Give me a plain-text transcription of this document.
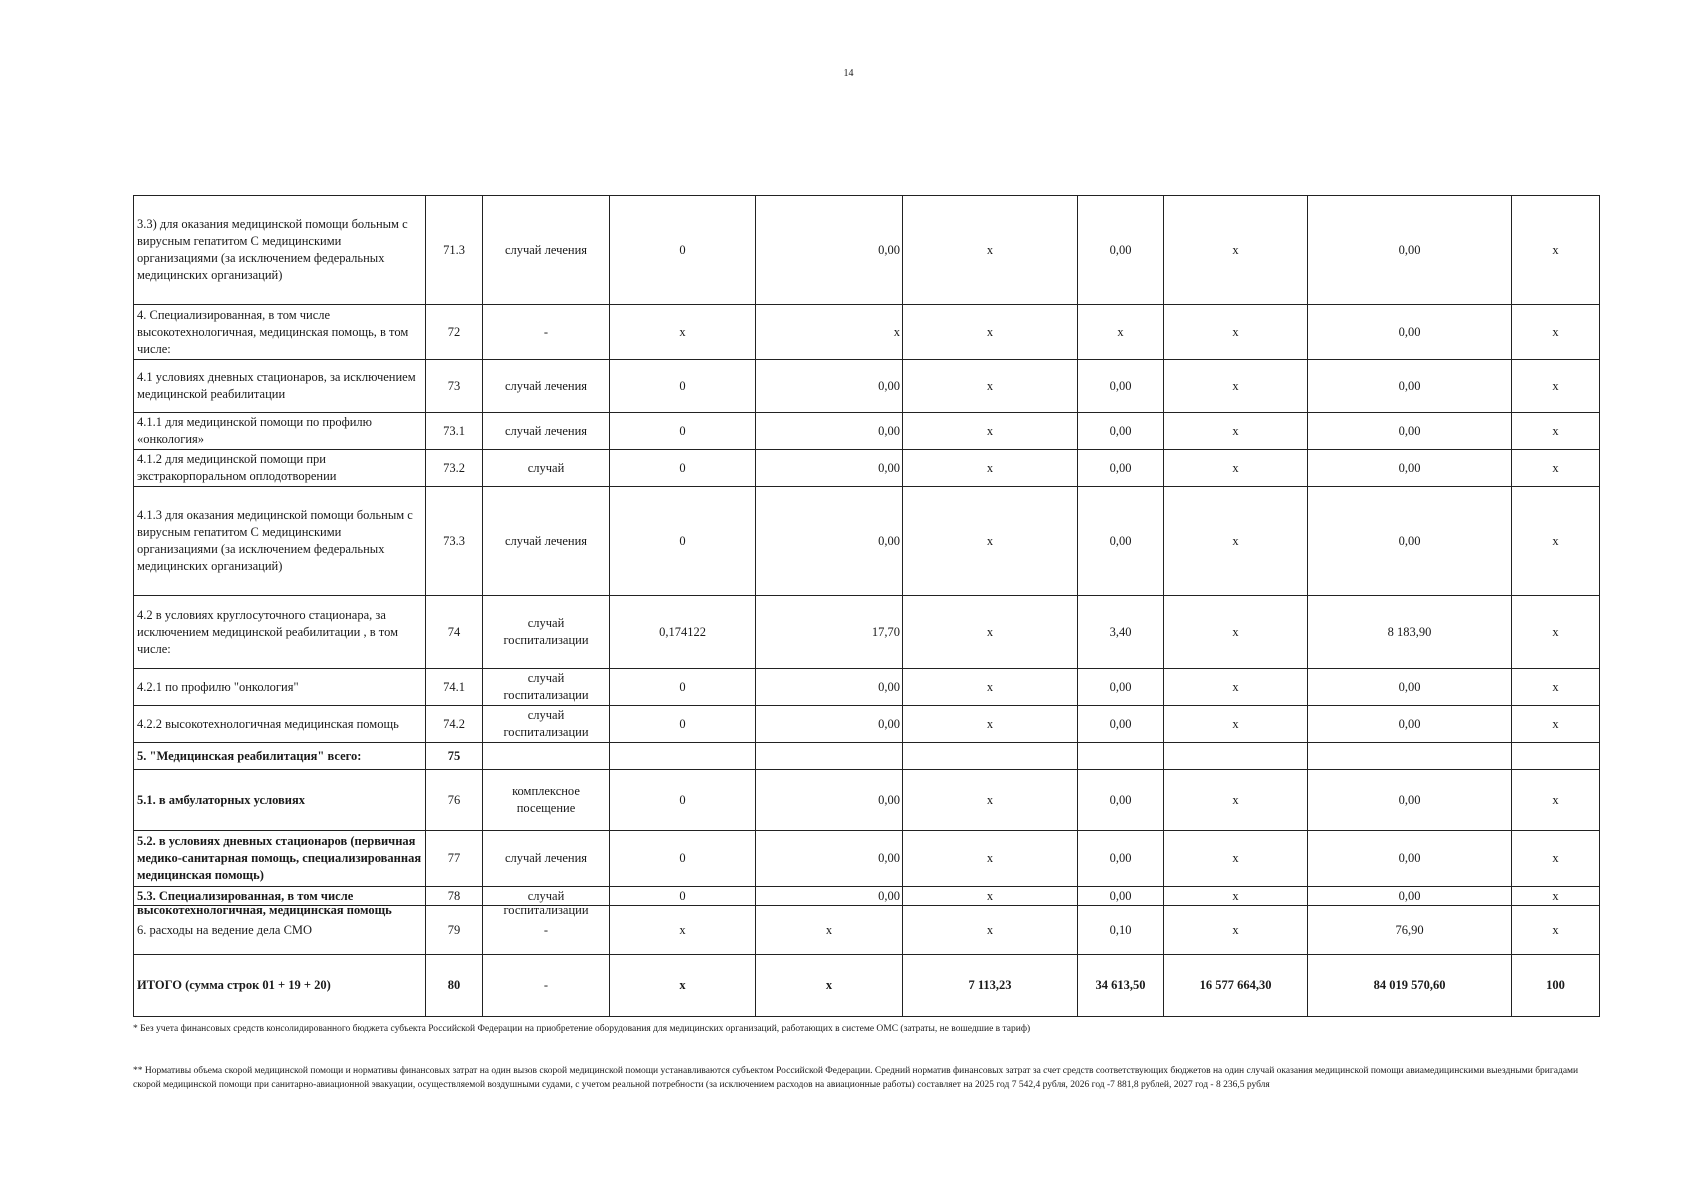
14
3.3) для оказания медицинской помощи больным с вирусным гепатитом С медицинскими организациями (за исключением федеральных медицинских организаций)	71.3	случай лечения	0	0,00	х	0,00	х	0,00	х
4. Специализированная, в том числе высокотехнологичная, медицинская помощь, в том числе:	72	-	х	х	х	х	х	0,00	х
4.1 условиях дневных стационаров, за исключением медицинской реабилитации	73	случай лечения	0	0,00	х	0,00	х	0,00	х
4.1.1 для медицинской помощи по профилю «онкология»	73.1	случай лечения	0	0,00	х	0,00	х	0,00	х
4.1.2 для медицинской помощи при экстракорпоральном оплодотворении	73.2	случай	0	0,00	х	0,00	х	0,00	х
4.1.3 для оказания медицинской помощи больным с вирусным гепатитом С медицинскими организациями (за исключением федеральных медицинских организаций)	73.3	случай лечения	0	0,00	х	0,00	х	0,00	х
4.2 в условиях круглосуточного стационара, за исключением медицинской реабилитации , в том числе:	74	случай госпитализации	0,174122	17,70	х	3,40	х	8 183,90	х
4.2.1 по профилю "онкология"	74.1	случай госпитализации	0	0,00	х	0,00	х	0,00	х
4.2.2 высокотехнологичная медицинская помощь	74.2	случай госпитализации	0	0,00	х	0,00	х	0,00	х
5. "Медицинская реабилитация" всего:	75								
5.1. в амбулаторных условиях	76	комплексное посещение	0	0,00	х	0,00	х	0,00	х
5.2. в условиях дневных стационаров (первичная медико-санитарная помощь, специализированная медицинская помощь)	77	случай лечения	0	0,00	х	0,00	х	0,00	х

5.3. Специализированная, в том числе высокотехнологичная, медицинская помощь	78	случай госпитализации	0	0,00	х	0,00	х	0,00	х
6. расходы на ведение дела СМО	79	-	х	х	х	0,10	х	76,90	х
ИТОГО (сумма строк 01 + 19 + 20)	80	-	х	х	7 113,23	34 613,50	16 577 664,30	84 019 570,60	100
* Без учета финансовых средств консолидированного бюджета субъекта Российской Федерации на приобретение оборудования для медицинских организаций, работающих в системе ОМС (затраты, не вошедшие в тариф)
** Нормативы объема скорой медицинской помощи и нормативы финансовых затрат на один вызов скорой медицинской помощи устанавливаются субъектом Российской Федерации. Средний норматив финансовых затрат за счет средств соответствующих бюджетов на один случай оказания медицинской помощи авиамедицинскими выездными бригадами скорой медицинской помощи при санитарно-авиационной эвакуации, осуществляемой воздушными судами, с учетом реальной потребности (за исключением расходов на авиационные работы) составляет на 2025 год 7 542,4 рубля, 2026 год -7 881,8 рублей, 2027 год - 8 236,5 рубля
